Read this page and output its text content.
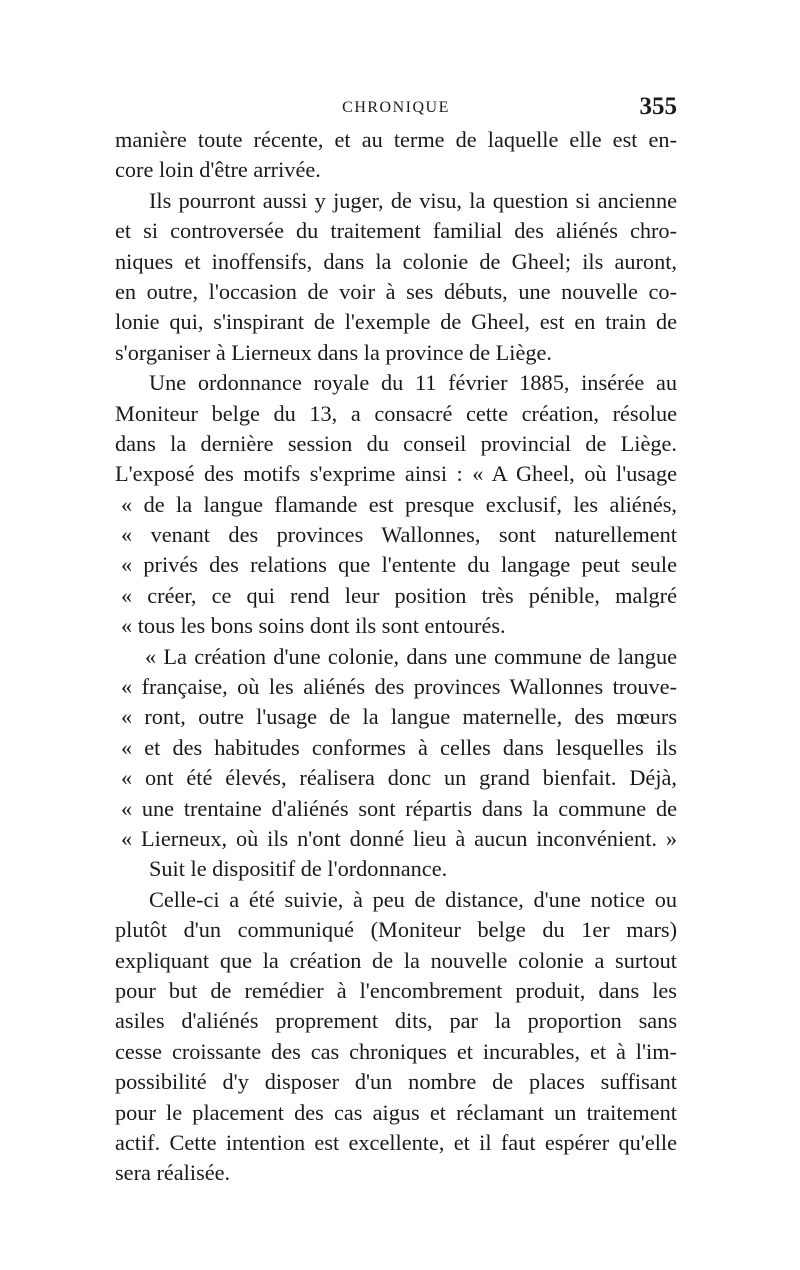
CHRONIQUE	355
manière toute récente, et au terme de laquelle elle est en-
core loin d'être arrivée.
Ils pourront aussi y juger, de visu, la question si ancienne
et si controversée du traitement familial des aliénés chro-
niques et inoffensifs, dans la colonie de Gheel; ils auront,
en outre, l'occasion de voir à ses débuts, une nouvelle co-
lonie qui, s'inspirant de l'exemple de Gheel, est en train de
s'organiser à Lierneux dans la province de Liège.
Une ordonnance royale du 11 février 1885, insérée au
Moniteur belge du 13, a consacré cette création, résolue
dans la dernière session du conseil provincial de Liège.
L'exposé des motifs s'exprime ainsi : « A Gheel, où l'usage
« de la langue flamande est presque exclusif, les aliénés,
« venant des provinces Wallonnes, sont naturellement
« privés des relations que l'entente du langage peut seule
« créer, ce qui rend leur position très pénible, malgré
« tous les bons soins dont ils sont entourés.
« La création d'une colonie, dans une commune de langue
« française, où les aliénés des provinces Wallonnes trouve-
« ront, outre l'usage de la langue maternelle, des mœurs
« et des habitudes conformes à celles dans lesquelles ils
« ont été élevés, réalisera donc un grand bienfait. Déjà,
« une trentaine d'aliénés sont répartis dans la commune de
« Lierneux, où ils n'ont donné lieu à aucun inconvénient. »
Suit le dispositif de l'ordonnance.
Celle-ci a été suivie, à peu de distance, d'une notice ou
plutôt d'un communiqué (Moniteur belge du 1er mars)
expliquant que la création de la nouvelle colonie a surtout
pour but de remédier à l'encombrement produit, dans les
asiles d'aliénés proprement dits, par la proportion sans
cesse croissante des cas chroniques et incurables, et à l'im-
possibilité d'y disposer d'un nombre de places suffisant
pour le placement des cas aigus et réclamant un traitement
actif. Cette intention est excellente, et il faut espérer qu'elle
sera réalisée.
